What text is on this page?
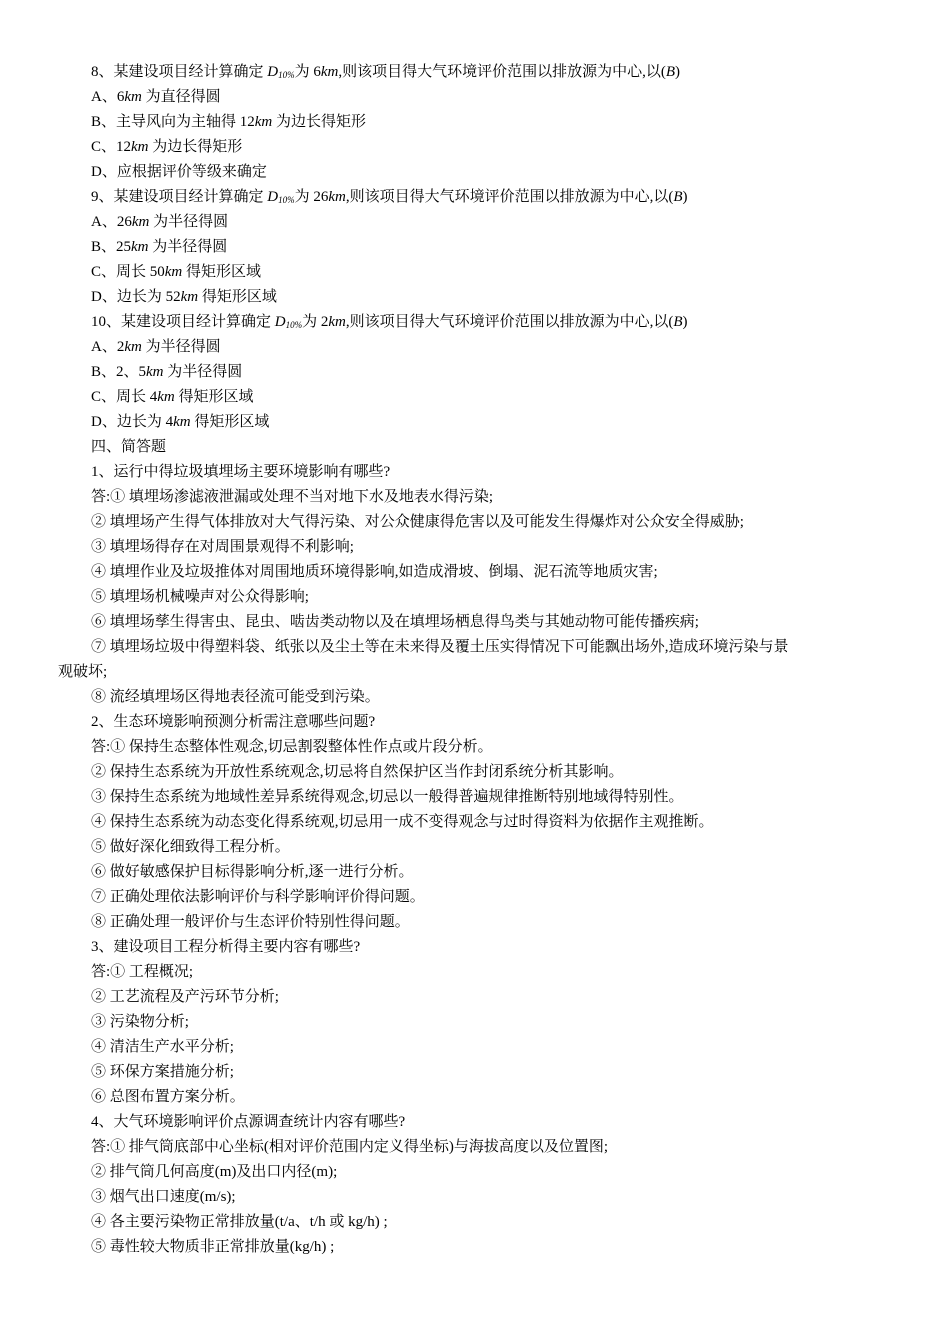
8、某建设项目经计算确定 $D_{10\%}$为 6km,则该项目得大气环境评价范围以排放源为中心,以(B)
A、6km 为直径得圆
B、主导风向为主轴得 12km 为边长得矩形
C、12km 为边长得矩形
D、应根据评价等级来确定
9、某建设项目经计算确定 $D_{10\%}$为 26km,则该项目得大气环境评价范围以排放源为中心,以(B)
A、26km 为半径得圆
B、25km 为半径得圆
C、周长 50km 得矩形区域
D、边长为 52km 得矩形区域
10、某建设项目经计算确定 $D_{10\%}$为 2km,则该项目得大气环境评价范围以排放源为中心,以(B)
A、2km 为半径得圆
B、2、5km 为半径得圆
C、周长 4km 得矩形区域
D、边长为 4km 得矩形区域
四、简答题
1、运行中得垃圾填埋场主要环境影响有哪些?
答:① 填埋场渗滤液泄漏或处理不当对地下水及地表水得污染;
② 填埋场产生得气体排放对大气得污染、对公众健康得危害以及可能发生得爆炸对公众安全得威胁;
③ 填埋场得存在对周围景观得不利影响;
④ 填埋作业及垃圾推体对周围地质环境得影响,如造成滑坡、倒塌、泥石流等地质灾害;
⑤ 填埋场机械噪声对公众得影响;
⑥ 填埋场孳生得害虫、昆虫、啮齿类动物以及在填埋场栖息得鸟类与其她动物可能传播疾病;
⑦ 填埋场垃圾中得塑料袋、纸张以及尘土等在未来得及覆土压实得情况下可能飘出场外,造成环境污染与景观破坏;
⑧ 流经填埋场区得地表径流可能受到污染。
2、生态环境影响预测分析需注意哪些问题?
答:① 保持生态整体性观念,切忌割裂整体性作点或片段分析。
② 保持生态系统为开放性系统观念,切忌将自然保护区当作封闭系统分析其影响。
③ 保持生态系统为地域性差异系统得观念,切忌以一般得普遍规律推断特别地域得特别性。
④ 保持生态系统为动态变化得系统观,切忌用一成不变得观念与过时得资料为依据作主观推断。
⑤ 做好深化细致得工程分析。
⑥ 做好敏感保护目标得影响分析,逐一进行分析。
⑦ 正确处理依法影响评价与科学影响评价得问题。
⑧ 正确处理一般评价与生态评价特别性得问题。
3、建设项目工程分析得主要内容有哪些?
答:① 工程概况;
② 工艺流程及产污环节分析;
③ 污染物分析;
④ 清洁生产水平分析;
⑤ 环保方案措施分析;
⑥ 总图布置方案分析。
4、大气环境影响评价点源调查统计内容有哪些?
答:① 排气筒底部中心坐标(相对评价范围内定义得坐标)与海拔高度以及位置图;
② 排气筒几何高度(m)及出口内径(m);
③ 烟气出口速度(m/s);
④ 各主要污染物正常排放量(t/a、t/h 或 kg/h) ;
⑤ 毒性较大物质非正常排放量(kg/h) ;
